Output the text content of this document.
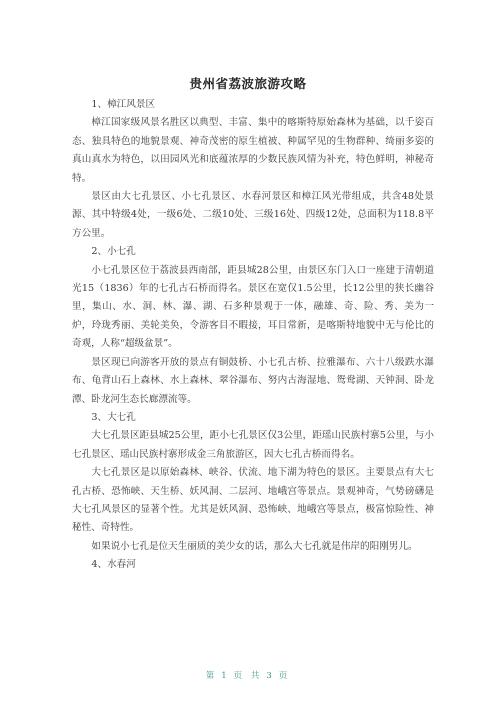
贵州省荔波旅游攻略

1、樟江风景区

樟江国家级风景名胜区以典型、丰富、集中的喀斯特原始森林为基础，以千姿百态、独具特色的地貌景观、神奇茂密的原生植被、种属罕见的生物群种、绮丽多姿的真山真水为特色，以田园风光和底蕴浓厚的少数民族风情为补充，特色鲜明，神秘奇特。

景区由大七孔景区、小七孔景区、水春河景区和樟江风光带组成，共含48处景源、其中特级4处，一级6处、二级10处、三级16处、四级12处，总面积为118.8平方公里。

2、小七孔

小七孔景区位于荔波县西南部，距县城28公里，由景区东门入口一座建于清朝道光15（1836）年的七孔古石桥而得名。景区在宽仅1.5公里，长12公里的狭长幽谷里，集山、水、洞、林、瀑、湖、石多种景观于一体，融雄、奇、险、秀、美为一炉，玲珑秀丽、美轮美奂，令游客目不暇接，耳目常新，是喀斯特地貌中无与伦比的奇观，人称“超级盆景”。

景区现已向游客开放的景点有铜鼓桥、小七孔古桥、拉雅瀑布、六十八级跌水瀑布、龟背山石上森林、水上森林、翠谷瀑布、努内古海湿地、鸳鸯湖、天钟洞、卧龙潭、卧龙河生态长廊漂流等。

3、大七孔

大七孔景区距县城25公里，距小七孔景区仅3公里，距瑶山民族村寨5公里，与小七孔景区、瑶山民族村寨形成金三角旅游区，因大七孔古桥而得名。

大七孔景区是以原始森林、峡谷、伏流、地下湖为特色的景区。主要景点有大七孔古桥、恐怖峡、天生桥、妖风洞、二层河、地峨宫等景点。景观神奇，气势磅礴是大七孔风景区的显著个性。尤其是妖风洞、恐怖峡、地峨宫等景点，极富惊险性、神秘性、奇特性。

如果说小七孔是位天生丽质的美少女的话，那么大七孔就是伟岸的阳刚男儿。

4、水春河

第 1 页 共 3 页
